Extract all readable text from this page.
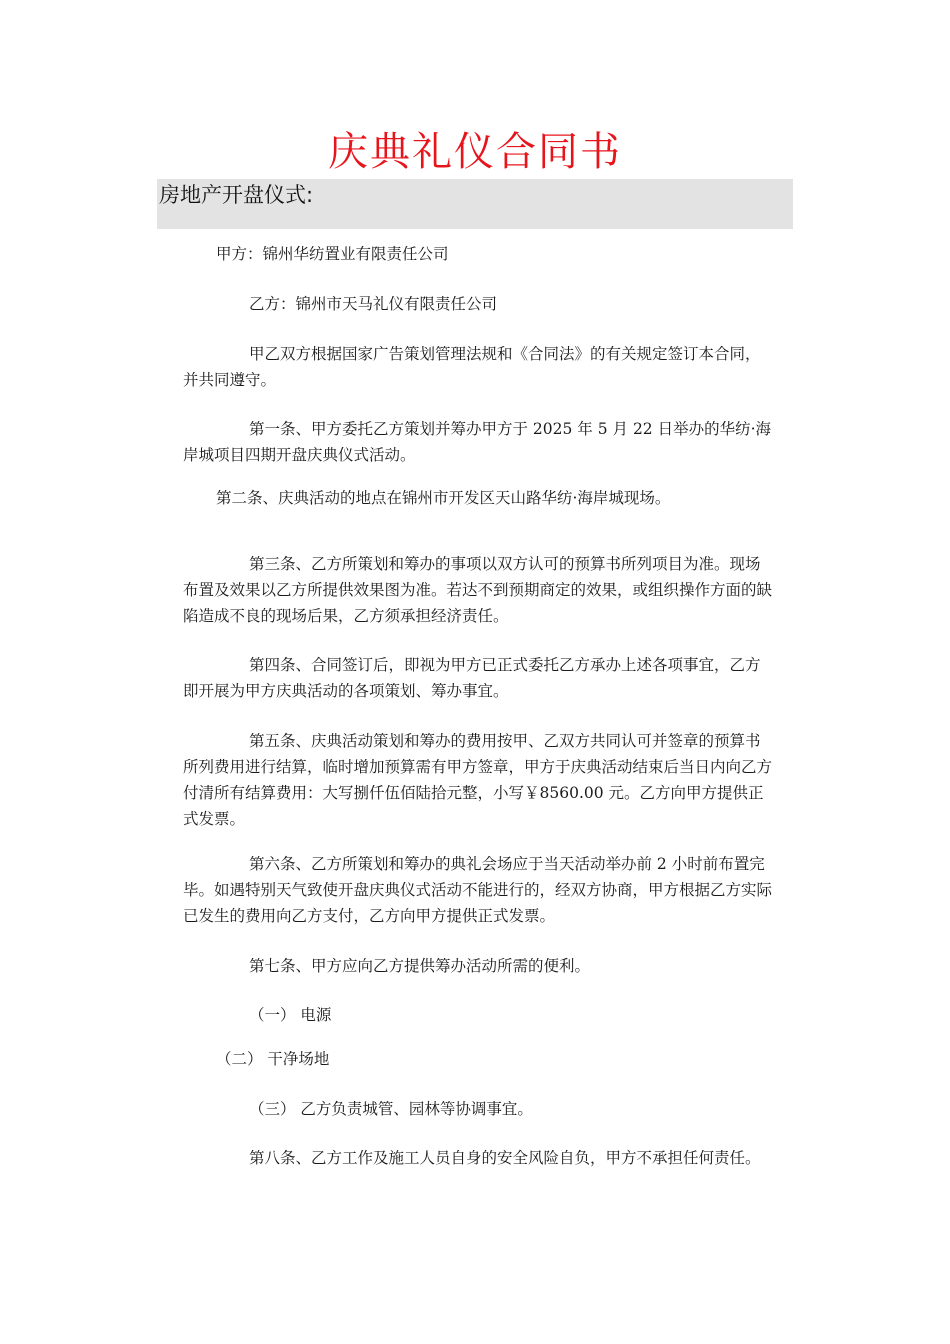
庆典礼仪合同书
房地产开盘仪式:

甲方：锦州华纺置业有限责任公司

乙方：锦州市天马礼仪有限责任公司

甲乙双方根据国家广告策划管理法规和《合同法》的有关规定签订本合同，并共同遵守。

第一条、甲方委托乙方策划并筹办甲方于 2025 年 5 月 22 日举办的华纺·海岸城项目四期开盘庆典仪式活动。

第二条、庆典活动的地点在锦州市开发区天山路华纺·海岸城现场。

第三条、乙方所策划和筹办的事项以双方认可的预算书所列项目为准。现场布置及效果以乙方所提供效果图为准。若达不到预期商定的效果，或组织操作方面的缺陷造成不良的现场后果，乙方须承担经济责任。

第四条、合同签订后，即视为甲方已正式委托乙方承办上述各项事宜，乙方即开展为甲方庆典活动的各项策划、筹办事宜。

第五条、庆典活动策划和筹办的费用按甲、乙双方共同认可并签章的预算书所列费用进行结算，临时增加预算需有甲方签章，甲方于庆典活动结束后当日内向乙方付清所有结算费用：大写捌仟伍佰陆拾元整，小写￥8560.00 元。乙方向甲方提供正式发票。

第六条、乙方所策划和筹办的典礼会场应于当天活动举办前 2 小时前布置完毕。如遇特别天气致使开盘庆典仪式活动不能进行的，经双方协商，甲方根据乙方实际已发生的费用向乙方支付，乙方向甲方提供正式发票。

第七条、甲方应向乙方提供筹办活动所需的便利。

（一） 电源

（二） 干净场地

（三） 乙方负责城管、园林等协调事宜。

第八条、乙方工作及施工人员自身的安全风险自负，甲方不承担任何责任。
